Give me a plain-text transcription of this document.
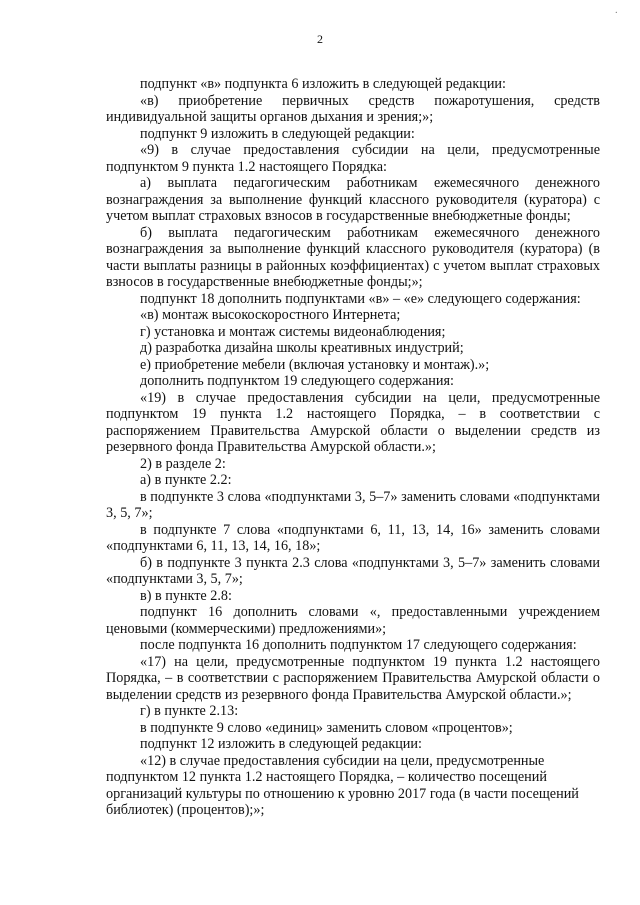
·
2

подпункт «в» подпункта 6 изложить в следующей редакции:

«в) приобретение первичных средств пожаротушения, средств индивидуальной защиты органов дыхания и зрения;»;

подпункт 9 изложить в следующей редакции:

«9) в случае предоставления субсидии на цели, предусмотренные подпунктом 9 пункта 1.2 настоящего Порядка:

а) выплата педагогическим работникам ежемесячного денежного вознаграждения за выполнение функций классного руководителя (куратора) с учетом выплат страховых взносов в государственные внебюджетные фонды;

б) выплата педагогическим работникам ежемесячного денежного вознаграждения за выполнение функций классного руководителя (куратора) (в части выплаты разницы в районных коэффициентах) с учетом выплат страховых взносов в государственные внебюджетные фонды;»;

подпункт 18 дополнить подпунктами «в» – «е» следующего содержания:

«в) монтаж высокоскоростного Интернета;

г) установка и монтаж системы видеонаблюдения;

д) разработка дизайна школы креативных индустрий;

е) приобретение мебели (включая установку и монтаж).»;

дополнить подпунктом 19 следующего содержания:

«19) в случае предоставления субсидии на цели, предусмотренные подпунктом 19 пункта 1.2 настоящего Порядка, – в соответствии с распоряжением Правительства Амурской области о выделении средств из резервного фонда Правительства Амурской области.»;

2) в разделе 2:

а) в пункте 2.2:

в подпункте 3 слова «подпунктами 3, 5–7» заменить словами «подпунктами 3, 5, 7»;

в подпункте 7 слова «подпунктами 6, 11, 13, 14, 16» заменить словами «подпунктами 6, 11, 13, 14, 16, 18»;

б) в подпункте 3 пункта 2.3 слова «подпунктами 3, 5–7» заменить словами «подпунктами 3, 5, 7»;

в) в пункте 2.8:

подпункт 16 дополнить словами «, предоставленными учреждением ценовыми (коммерческими) предложениями»;

после подпункта 16 дополнить подпунктом 17 следующего содержания:

«17) на цели, предусмотренные подпунктом 19 пункта 1.2 настоящего Порядка, – в соответствии с распоряжением Правительства Амурской области о выделении средств из резервного фонда Правительства Амурской области.»;

г) в пункте 2.13:

в подпункте 9 слово «единиц» заменить словом «процентов»;

подпункт 12 изложить в следующей редакции:

«12) в случае предоставления субсидии на цели, предусмотренные подпунктом 12 пункта 1.2 настоящего Порядка, – количество посещений организаций культуры по отношению к уровню 2017 года (в части посещений библиотек) (процентов);»;
